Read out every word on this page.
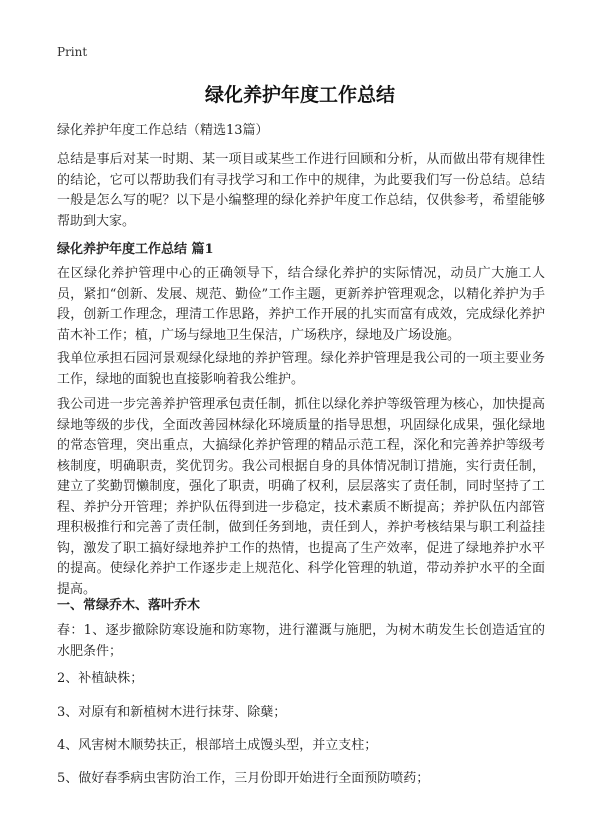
Print
绿化养护年度工作总结
绿化养护年度工作总结（精选13篇）

总结是事后对某一时期、某一项目或某些工作进行回顾和分析，从而做出带有规律性的结论，它可以帮助我们有寻找学习和工作中的规律，为此要我们写一份总结。总结一般是怎么写的呢？以下是小编整理的绿化养护年度工作总结，仅供参考，希望能够帮助到大家。

绿化养护年度工作总结 篇1

在区绿化养护管理中心的正确领导下，结合绿化养护的实际情况，动员广大施工人员，紧扣“创新、发展、规范、勤俭”工作主题，更新养护管理观念，以精化养护为手段，创新工作理念，理清工作思路，养护工作开展的扎实而富有成效，完成绿化养护苗木补工作；植，广场与绿地卫生保洁，广场秩序，绿地及广场设施。

我单位承担石园河景观绿化绿地的养护管理。绿化养护管理是我公司的一项主要业务工作，绿地的面貌也直接影响着我公维护。

我公司进一步完善养护管理承包责任制，抓住以绿化养护等级管理为核心，加快提高绿地等级的步伐，全面改善园林绿化环境质量的指导思想，巩固绿化成果，强化绿地的常态管理，突出重点，大搞绿化养护管理的精品示范工程，深化和完善养护等级考核制度，明确职责，奖优罚劣。我公司根据自身的具体情况制订措施，实行责任制，建立了奖勤罚懒制度，强化了职责，明确了权利，层层落实了责任制，同时坚持了工程、养护分开管理；养护队伍得到进一步稳定，技术素质不断提高；养护队伍内部管理积极推行和完善了责任制，做到任务到地，责任到人，养护考核结果与职工利益挂钩，激发了职工搞好绿地养护工作的热情，也提高了生产效率，促进了绿地养护水平的提高。使绿化养护工作逐步走上规范化、科学化管理的轨道，带动养护水平的全面提高。

一、常绿乔木、落叶乔木

春：1、逐步撤除防寒设施和防寒物，进行灌溉与施肥，为树木萌发生长创造适宜的水肥条件；

2、补植缺株；

3、对原有和新植树木进行抹芽、除蘖；

4、风害树木顺势扶正，根部培土成馒头型，并立支柱；

5、做好春季病虫害防治工作，三月份即开始进行全面预防喷药；
